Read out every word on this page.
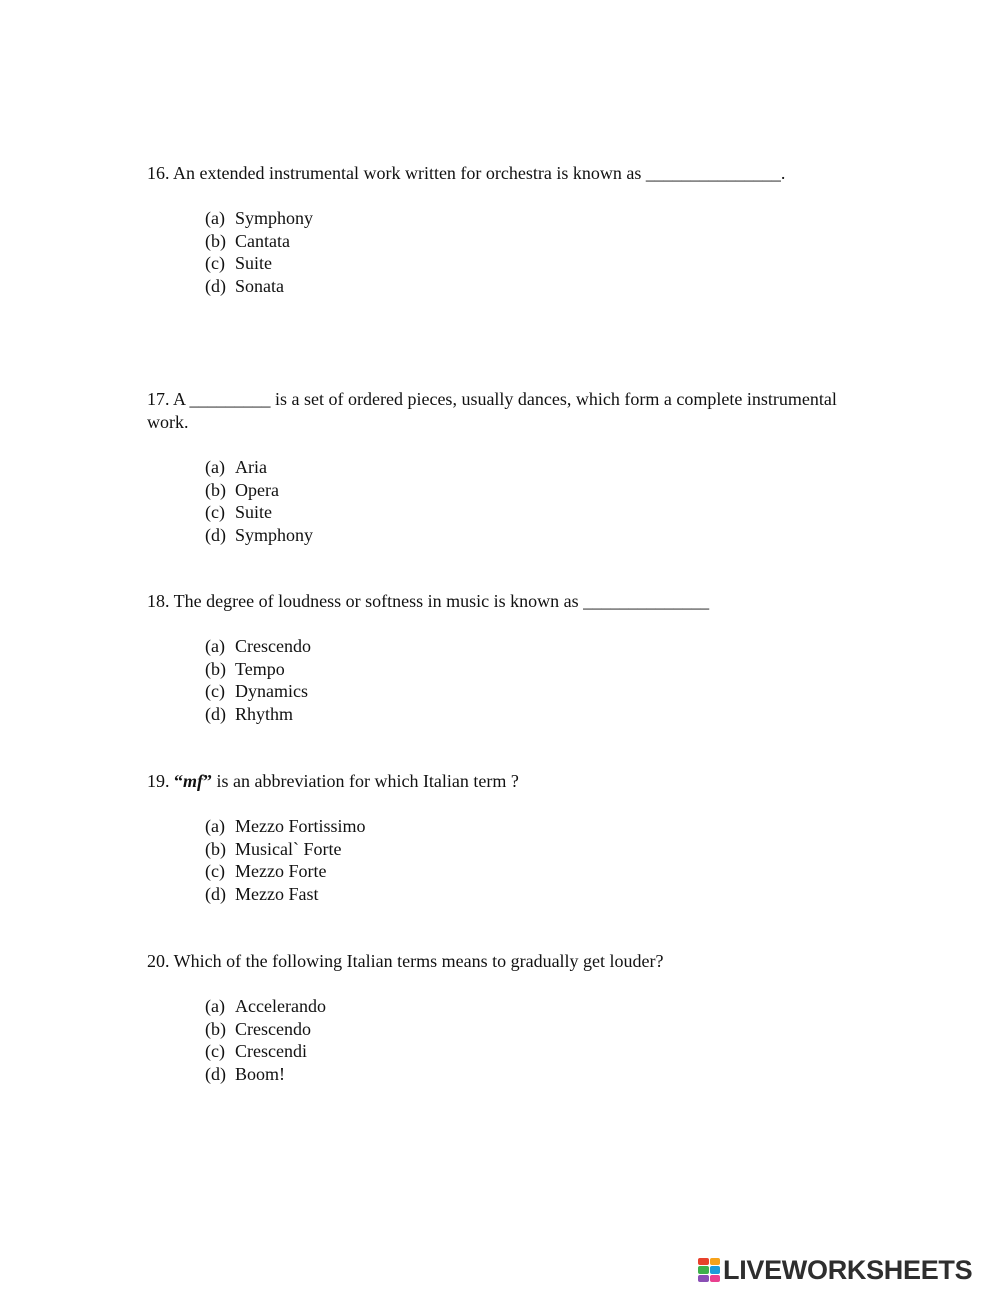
16. An extended instrumental work written for orchestra is known as _______________.

(a) Symphony
(b) Cantata
(c) Suite
(d) Sonata

17. A _________ is a set of ordered pieces, usually dances, which form a complete instrumental work.

(a) Aria
(b) Opera
(c) Suite
(d) Symphony

18. The degree of loudness or softness in music is known as ______________

(a) Crescendo
(b) Tempo
(c) Dynamics
(d) Rhythm

19. “mf” is an abbreviation for which Italian term ?

(a) Mezzo Fortissimo
(b) Musical` Forte
(c) Mezzo Forte
(d) Mezzo Fast

20. Which of the following Italian terms means to gradually get louder?

(a) Accelerando
(b) Crescendo
(c) Crescendi
(d) Boom!
LIVEWORKSHEETS
